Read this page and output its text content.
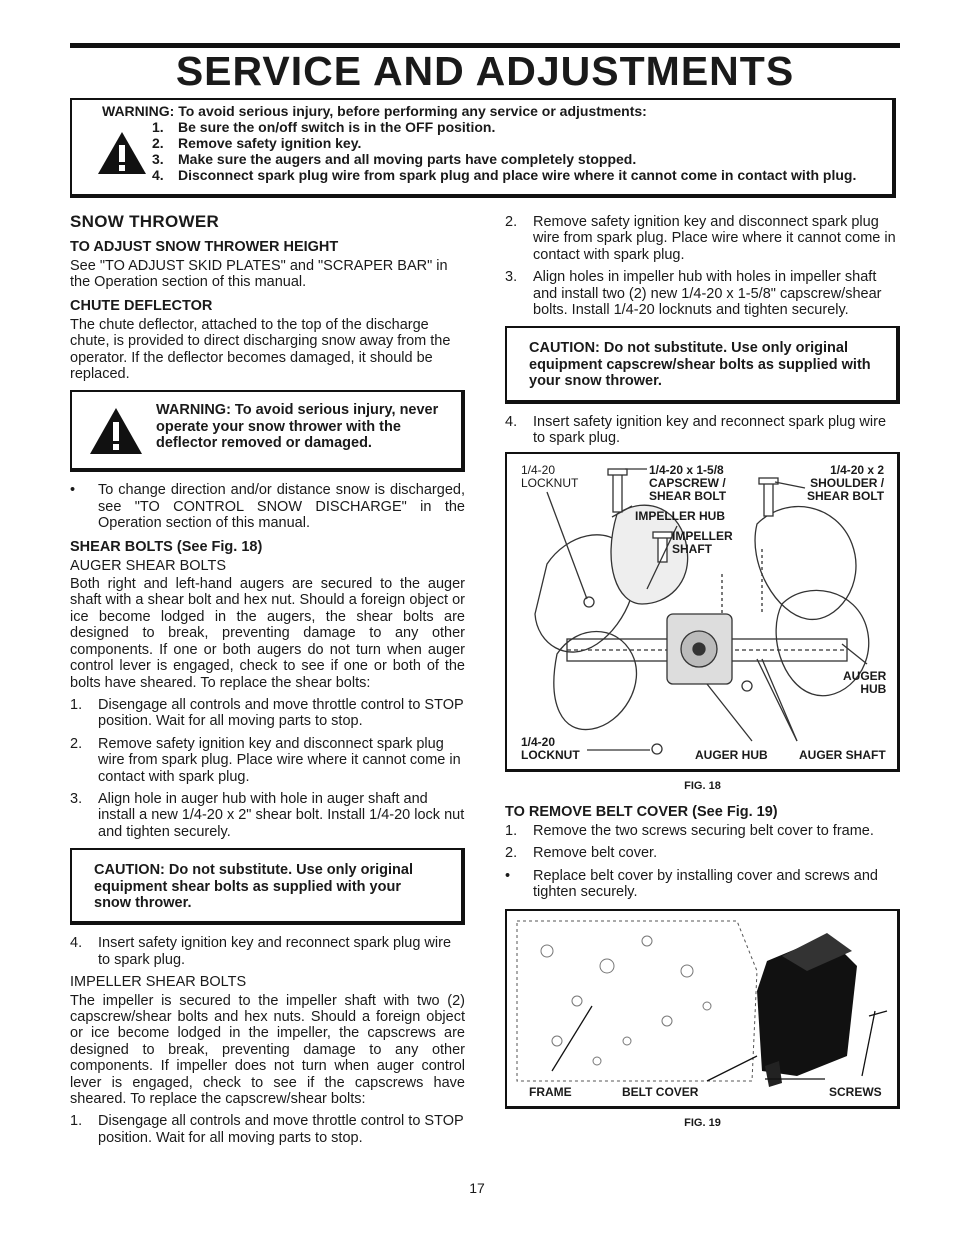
SERVICE AND ADJUSTMENTS
WARNING: To avoid serious injury, before performing any service or adjustments:
1. Be sure the on/off switch is in the OFF position.
2. Remove safety ignition key.
3. Make sure the augers and all moving parts have completely stopped.
4. Disconnect spark plug wire from spark plug and place wire where it cannot come in contact with plug.
SNOW THROWER
TO ADJUST SNOW THROWER HEIGHT

See "TO ADJUST SKID PLATES" and "SCRAPER BAR" in the Operation section of this manual.

CHUTE DEFLECTOR

The chute deflector, attached to the top of the discharge chute, is provided to direct discharging snow away from the operator. If the deflector becomes damaged, it should be replaced.

WARNING: To avoid serious injury, never operate your snow thrower with the deflector removed or damaged.
• To change direction and/or distance snow is discharged, see "TO CONTROL SNOW DISCHARGE" in the Operation section of this manual.
SHEAR BOLTS (See Fig. 18)
AUGER SHEAR BOLTS

Both right and left-hand augers are secured to the auger shaft with a shear bolt and hex nut. Should a foreign object or ice become lodged in the augers, the shear bolts are designed to break, preventing damage to any other components. If one or both augers do not turn when auger control lever is engaged, check to see if one or both of the bolts have sheared. To replace the shear bolts:

1. Disengage all controls and move throttle control to STOP position. Wait for all moving parts to stop.
2. Remove safety ignition key and disconnect spark plug wire from spark plug. Place wire where it cannot come in contact with spark plug.
3. Align hole in auger hub with hole in auger shaft and install a new 1/4-20 x 2" shear bolt. Install 1/4-20 lock nut and tighten securely.
CAUTION: Do not substitute. Use only original equipment shear bolts as supplied with your snow thrower.
4. Insert safety ignition key and reconnect spark plug wire to spark plug.
IMPELLER SHEAR BOLTS

The impeller is secured to the impeller shaft with two (2) capscrew/shear bolts and hex nuts. Should a foreign object or ice become lodged in the impeller, the capscrews are designed to break, preventing damage to any other components. If impeller does not turn when auger control lever is engaged, check to see if the capscrews have sheared. To replace the capscrew/shear bolts:

1. Disengage all controls and move throttle control to STOP position. Wait for all moving parts to stop.
2. Remove safety ignition key and disconnect spark plug wire from spark plug. Place wire where it cannot come in contact with spark plug.
3. Align holes in impeller hub with holes in impeller shaft and install two (2) new 1/4-20 x 1-5/8" capscrew/shear bolts. Install 1/4-20 locknuts and tighten securely.
CAUTION: Do not substitute. Use only original equipment capscrew/shear bolts as supplied with your snow thrower.
4. Insert safety ignition key and reconnect spark plug wire to spark plug.
1/4-20
LOCKNUT
1/4-20 x 1-5/8
CAPSCREW /
SHEAR BOLT
1/4-20 x 2
SHOULDER /
SHEAR BOLT
IMPELLER HUB
IMPELLER
SHAFT
AUGER
HUB
1/4-20
LOCKNUT	AUGER HUB	AUGER SHAFT
FIG. 18
TO REMOVE BELT COVER (See Fig. 19)
1. Remove the two screws securing belt cover to frame.
2. Remove belt cover.
• Replace belt cover by installing cover and screws and tighten securely.
FRAME	BELT COVER	SCREWS
FIG. 19
17
